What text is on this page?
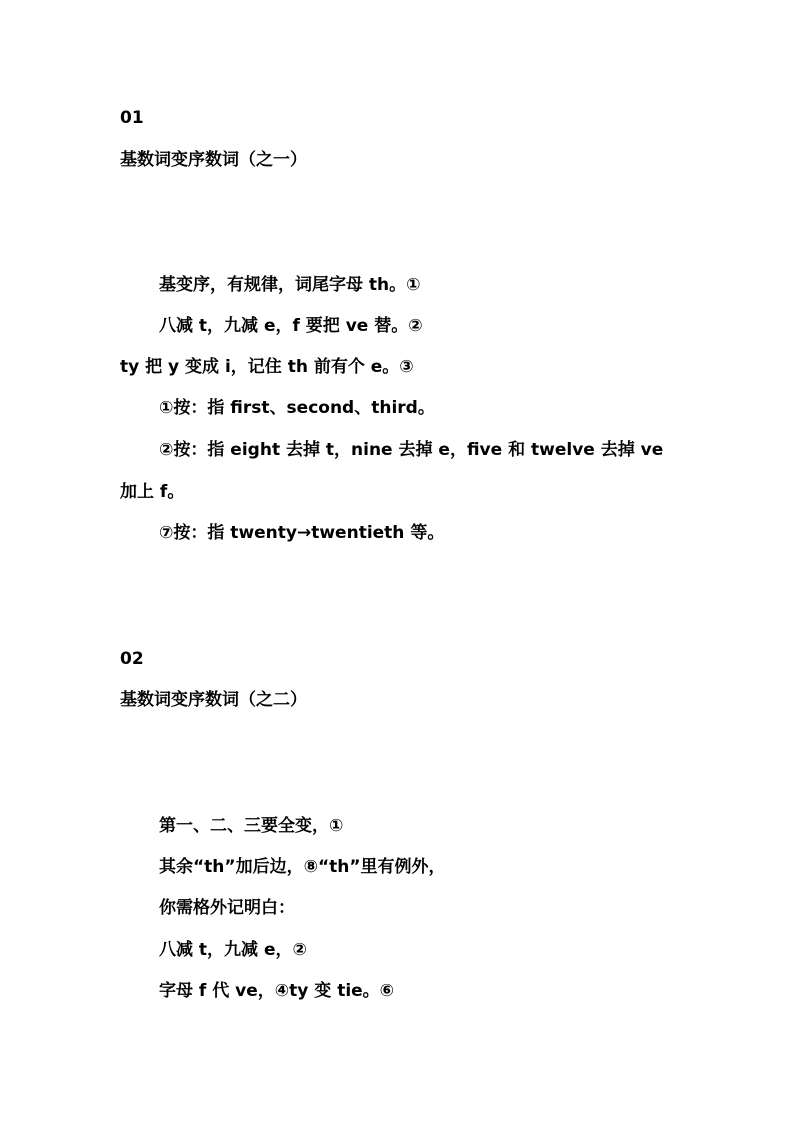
01
基数词变序数词（之一）
基变序，有规律，词尾字母 th。①
八减 t，九减 e，f 要把 ve 替。②
ty 把 y 变成 i，记住 th 前有个 e。③
①按：指 first、second、third。
②按：指 eight 去掉 t，nine 去掉 e，five 和 twelve 去掉 ve
加上 f。
⑦按：指 twenty→twentieth 等。
02
基数词变序数词（之二）
第一、二、三要全变，①
其余“th”加后边，⑧“th”里有例外，
你需格外记明白：
八减 t，九减 e，②
字母 f 代 ve，④ty 变 tie。⑥
